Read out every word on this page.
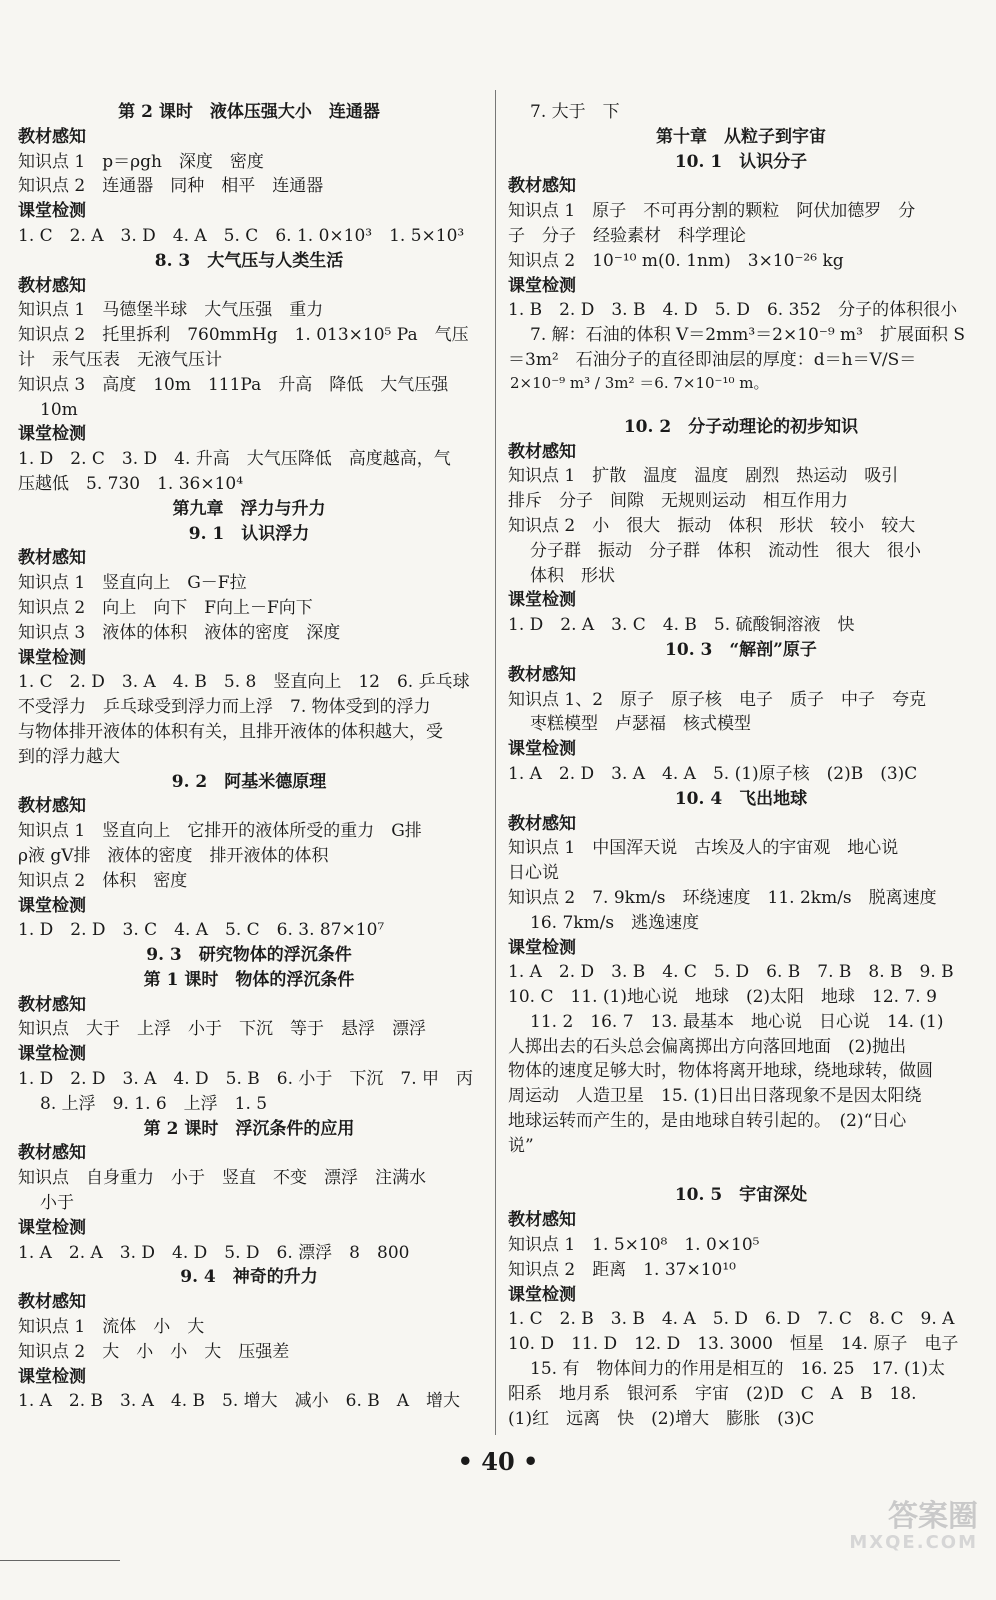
第 2 课时　液体压强大小　连通器
教材感知
知识点 1　p＝ρgh　深度　密度
知识点 2　连通器　同种　相平　连通器
课堂检测
1. C　2. A　3. D　4. A　5. C　6. 1. 0×10³　1. 5×10³
8. 3　大气压与人类生活
教材感知
知识点 1　马德堡半球　大气压强　重力
知识点 2　托里拆利　760mmHg　1. 013×10⁵ Pa　气压
计　汞气压表　无液气压计
知识点 3　高度　10m　111Pa　升高　降低　大气压强
10m
课堂检测
1. D　2. C　3. D　4. 升高　大气压降低　高度越高，气
压越低　5. 730　1. 36×10⁴
第九章　浮力与升力
9. 1　认识浮力
教材感知
知识点 1　竖直向上　G－F拉
知识点 2　向上　向下　F向上－F向下
知识点 3　液体的体积　液体的密度　深度
课堂检测
1. C　2. D　3. A　4. B　5. 8　竖直向上　12　6. 乒乓球
不受浮力　乒乓球受到浮力而上浮　7. 物体受到的浮力
与物体排开液体的体积有关，且排开液体的体积越大，受
到的浮力越大
9. 2　阿基米德原理
教材感知
知识点 1　竖直向上　它排开的液体所受的重力　G排
ρ液 gV排　液体的密度　排开液体的体积
知识点 2　体积　密度
课堂检测
1. D　2. D　3. C　4. A　5. C　6. 3. 87×10⁷
9. 3　研究物体的浮沉条件
第 1 课时　物体的浮沉条件
教材感知
知识点　大于　上浮　小于　下沉　等于　悬浮　漂浮
课堂检测
1. D　2. D　3. A　4. D　5. B　6. 小于　下沉　7. 甲　丙
8. 上浮　9. 1. 6　上浮　1. 5
第 2 课时　浮沉条件的应用
教材感知
知识点　自身重力　小于　竖直　不变　漂浮　注满水
小于
课堂检测
1. A　2. A　3. D　4. D　5. D　6. 漂浮　8　800
9. 4　神奇的升力
教材感知
知识点 1　流体　小　大
知识点 2　大　小　小　大　压强差
课堂检测
1. A　2. B　3. A　4. B　5. 增大　减小　6. B　A　增大
7. 大于　下
第十章　从粒子到宇宙
10. 1　认识分子
教材感知
知识点 1　原子　不可再分割的颗粒　阿伏加德罗　分
子　分子　经验素材　科学理论
知识点 2　10⁻¹⁰ m(0. 1nm)　3×10⁻²⁶ kg
课堂检测
1. B　2. D　3. B　4. D　5. D　6. 352　分子的体积很小
7. 解：石油的体积 V＝2mm³＝2×10⁻⁹ m³　扩展面积 S
＝3m²　石油分子的直径即油层的厚度：d＝h＝V/S＝
2×10⁻⁹ m³ / 3m² ＝6. 7×10⁻¹⁰ m。
10. 2　分子动理论的初步知识
教材感知
知识点 1　扩散　温度　温度　剧烈　热运动　吸引
排斥　分子　间隙　无规则运动　相互作用力
知识点 2　小　很大　振动　体积　形状　较小　较大
分子群　振动　分子群　体积　流动性　很大　很小
体积　形状
课堂检测
1. D　2. A　3. C　4. B　5. 硫酸铜溶液　快
10. 3　“解剖”原子
教材感知
知识点 1、2　原子　原子核　电子　质子　中子　夸克
枣糕模型　卢瑟福　核式模型
课堂检测
1. A　2. D　3. A　4. A　5. (1)原子核　(2)B　(3)C
10. 4　飞出地球
教材感知
知识点 1　中国浑天说　古埃及人的宇宙观　地心说
日心说
知识点 2　7. 9km/s　环绕速度　11. 2km/s　脱离速度
16. 7km/s　逃逸速度
课堂检测
1. A　2. D　3. B　4. C　5. D　6. B　7. B　8. B　9. B
10. C　11. (1)地心说　地球　(2)太阳　地球　12. 7. 9
11. 2　16. 7　13. 最基本　地心说　日心说　14. (1)
人掷出去的石头总会偏离掷出方向落回地面　(2)抛出
物体的速度足够大时，物体将离开地球，绕地球转，做圆
周运动　人造卫星　15. (1)日出日落现象不是因太阳绕
地球运转而产生的，是由地球自转引起的。　(2)“日心
说”
10. 5　宇宙深处
教材感知
知识点 1　1. 5×10⁸　1. 0×10⁵
知识点 2　距离　1. 37×10¹⁰
课堂检测
1. C　2. B　3. B　4. A　5. D　6. D　7. C　8. C　9. A
10. D　11. D　12. D　13. 3000　恒星　14. 原子　电子
15. 有　物体间力的作用是相互的　16. 25　17. (1)太
阳系　地月系　银河系　宇宙　(2)D　C　A　B　18.
(1)红　远离　快　(2)增大　膨胀　(3)C
• 40 •
答案圈
MXQE.COM
